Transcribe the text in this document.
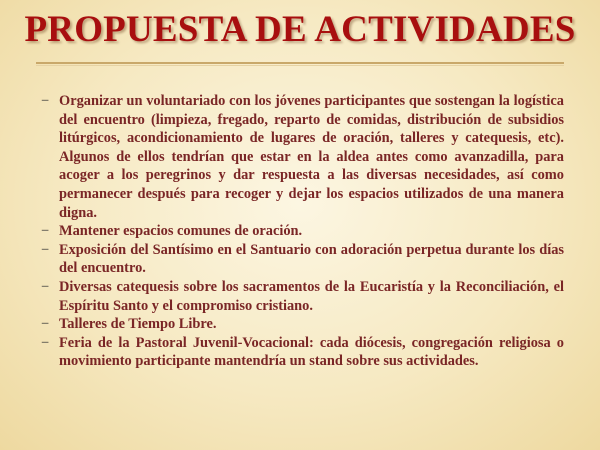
PROPUESTA DE ACTIVIDADES
− Organizar un voluntariado con los jóvenes participantes que sostengan la logística del encuentro (limpieza, fregado, reparto de comidas, distribución de subsidios litúrgicos, acondicionamiento de lugares de oración, talleres y catequesis, etc). Algunos de ellos tendrían que estar en la aldea antes como avanzadilla, para acoger a los peregrinos y dar respuesta a las diversas necesidades, así como permanecer después para recoger y dejar los espacios utilizados de una manera digna.
− Mantener espacios comunes de oración.
− Exposición del Santísimo en el Santuario con adoración perpetua durante los días del encuentro.
− Diversas catequesis sobre los sacramentos de la Eucaristía y la Reconciliación, el Espíritu Santo y el compromiso cristiano.
− Talleres de Tiempo Libre.
− Feria de la Pastoral Juvenil-Vocacional: cada diócesis, congregación religiosa o movimiento participante mantendría un stand sobre sus actividades.
